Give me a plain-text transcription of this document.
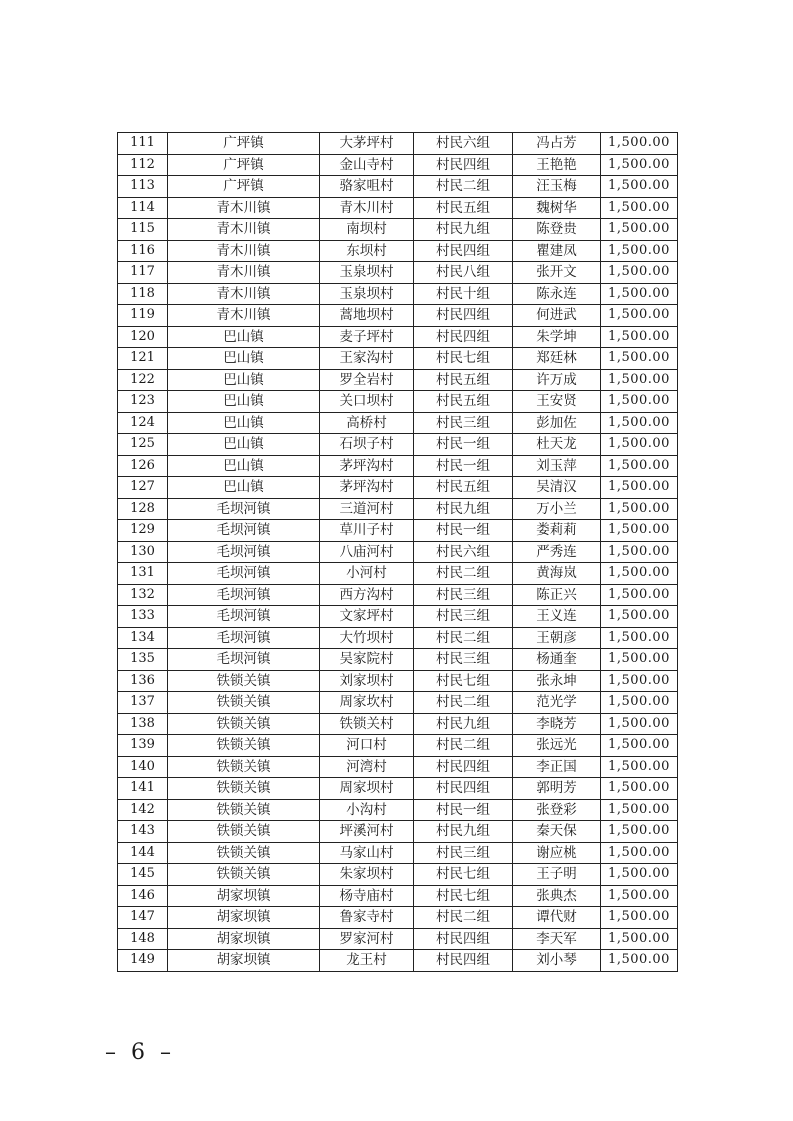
111	广坪镇	大茅坪村	村民六组	冯占芳	1,500.00
112	广坪镇	金山寺村	村民四组	王艳艳	1,500.00
113	广坪镇	骆家咀村	村民二组	汪玉梅	1,500.00
114	青木川镇	青木川村	村民五组	魏树华	1,500.00
115	青木川镇	南坝村	村民九组	陈登贵	1,500.00
116	青木川镇	东坝村	村民四组	瞿建凤	1,500.00
117	青木川镇	玉泉坝村	村民八组	张开文	1,500.00
118	青木川镇	玉泉坝村	村民十组	陈永连	1,500.00
119	青木川镇	蒿地坝村	村民四组	何进武	1,500.00
120	巴山镇	麦子坪村	村民四组	朱学坤	1,500.00
121	巴山镇	王家沟村	村民七组	郑廷林	1,500.00
122	巴山镇	罗全岩村	村民五组	许万成	1,500.00
123	巴山镇	关口坝村	村民五组	王安贤	1,500.00
124	巴山镇	高桥村	村民三组	彭加佐	1,500.00
125	巴山镇	石坝子村	村民一组	杜天龙	1,500.00
126	巴山镇	茅坪沟村	村民一组	刘玉萍	1,500.00
127	巴山镇	茅坪沟村	村民五组	吴清汉	1,500.00
128	毛坝河镇	三道河村	村民九组	万小兰	1,500.00
129	毛坝河镇	草川子村	村民一组	娄莉莉	1,500.00
130	毛坝河镇	八庙河村	村民六组	严秀连	1,500.00
131	毛坝河镇	小河村	村民二组	黄海岚	1,500.00
132	毛坝河镇	西方沟村	村民三组	陈正兴	1,500.00
133	毛坝河镇	文家坪村	村民三组	王义连	1,500.00
134	毛坝河镇	大竹坝村	村民二组	王朝彦	1,500.00
135	毛坝河镇	吴家院村	村民三组	杨通奎	1,500.00
136	铁锁关镇	刘家坝村	村民七组	张永坤	1,500.00
137	铁锁关镇	周家坎村	村民二组	范光学	1,500.00
138	铁锁关镇	铁锁关村	村民九组	李晓芳	1,500.00
139	铁锁关镇	河口村	村民二组	张远光	1,500.00
140	铁锁关镇	河湾村	村民四组	李正国	1,500.00
141	铁锁关镇	周家坝村	村民四组	郭明芳	1,500.00
142	铁锁关镇	小沟村	村民一组	张登彩	1,500.00
143	铁锁关镇	坪溪河村	村民九组	秦天保	1,500.00
144	铁锁关镇	马家山村	村民三组	谢应桃	1,500.00
145	铁锁关镇	朱家坝村	村民七组	王子明	1,500.00
146	胡家坝镇	杨寺庙村	村民七组	张典杰	1,500.00
147	胡家坝镇	鲁家寺村	村民二组	谭代财	1,500.00
148	胡家坝镇	罗家河村	村民四组	李天军	1,500.00
149	胡家坝镇	龙王村	村民四组	刘小琴	1,500.00
– 6 –
